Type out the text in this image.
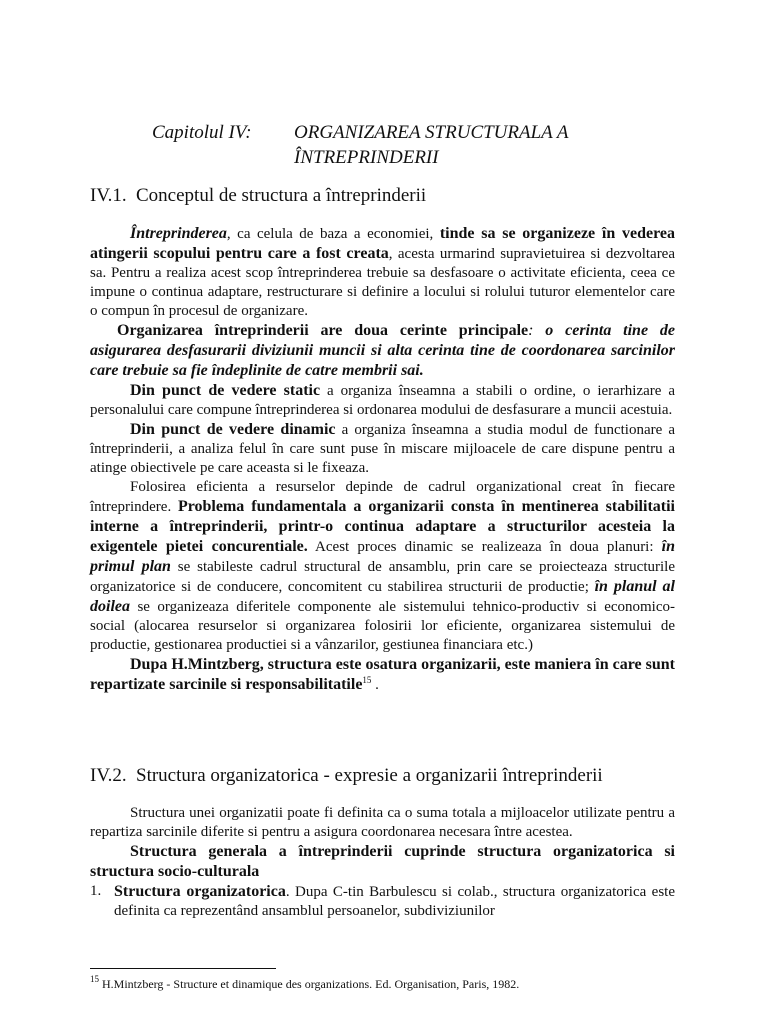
Capitolul IV: ORGANIZAREA STRUCTURALA A ÎNTREPRINDERII
IV.1. Conceptul de structura a întreprinderii

Întreprinderea, ca celula de baza a economiei, tinde sa se organizeze în vederea atingerii scopului pentru care a fost creata, acesta urmarind supravietuirea si dezvoltarea sa. Pentru a realiza acest scop întreprinderea trebuie sa desfasoare o activitate eficienta, ceea ce impune o continua adaptare, restructurare si definire a locului si rolului tuturor elementelor care o compun în procesul de organizare.

Organizarea întreprinderii are doua cerinte principale: o cerinta tine de asigurarea desfasurarii diviziunii muncii si alta cerinta tine de coordonarea sarcinilor care trebuie sa fie îndeplinite de catre membrii sai.

Din punct de vedere static a organiza înseamna a stabili o ordine, o ierarhizare a personalului care compune întreprinderea si ordonarea modului de desfasurare a muncii acestuia.

Din punct de vedere dinamic a organiza înseamna a studia modul de functionare a întreprinderii, a analiza felul în care sunt puse în miscare mijloacele de care dispune pentru a atinge obiectivele pe care aceasta si le fixeaza.

Folosirea eficienta a resurselor depinde de cadrul organizational creat în fiecare întreprindere. Problema fundamentala a organizarii consta în mentinerea stabilitatii interne a întreprinderii, printr-o continua adaptare a structurilor acesteia la exigentele pietei concurentiale. Acest proces dinamic se realizeaza în doua planuri: în primul plan se stabileste cadrul structural de ansamblu, prin care se proiecteaza structurile organizatorice si de conducere, concomitent cu stabilirea structurii de productie; în planul al doilea se organizeaza diferitele componente ale sistemului tehnico-productiv si economico-social (alocarea resurselor si organizarea folosirii lor eficiente, organizarea sistemului de productie, gestionarea productiei si a vânzarilor, gestiunea financiara etc.)

Dupa H.Mintzberg, structura este osatura organizarii, este maniera în care sunt repartizate sarcinile si responsabilitatile$^{15}$ .

IV.2. Structura organizatorica - expresie a organizarii întreprinderii

Structura unei organizatii poate fi definita ca o suma totala a mijloacelor utilizate pentru a repartiza sarcinile diferite si pentru a asigura coordonarea necesara între acestea.

Structura generala a întreprinderii cuprinde structura organizatorica si structura socio-culturala

1. Structura organizatorica. Dupa C-tin Barbulescu si colab., structura organizatorica este definita ca reprezentând ansamblul persoanelor, subdiviziunilor

$^{15}$ H.Mintzberg - Structure et dinamique des organizations. Ed. Organisation, Paris, 1982.
